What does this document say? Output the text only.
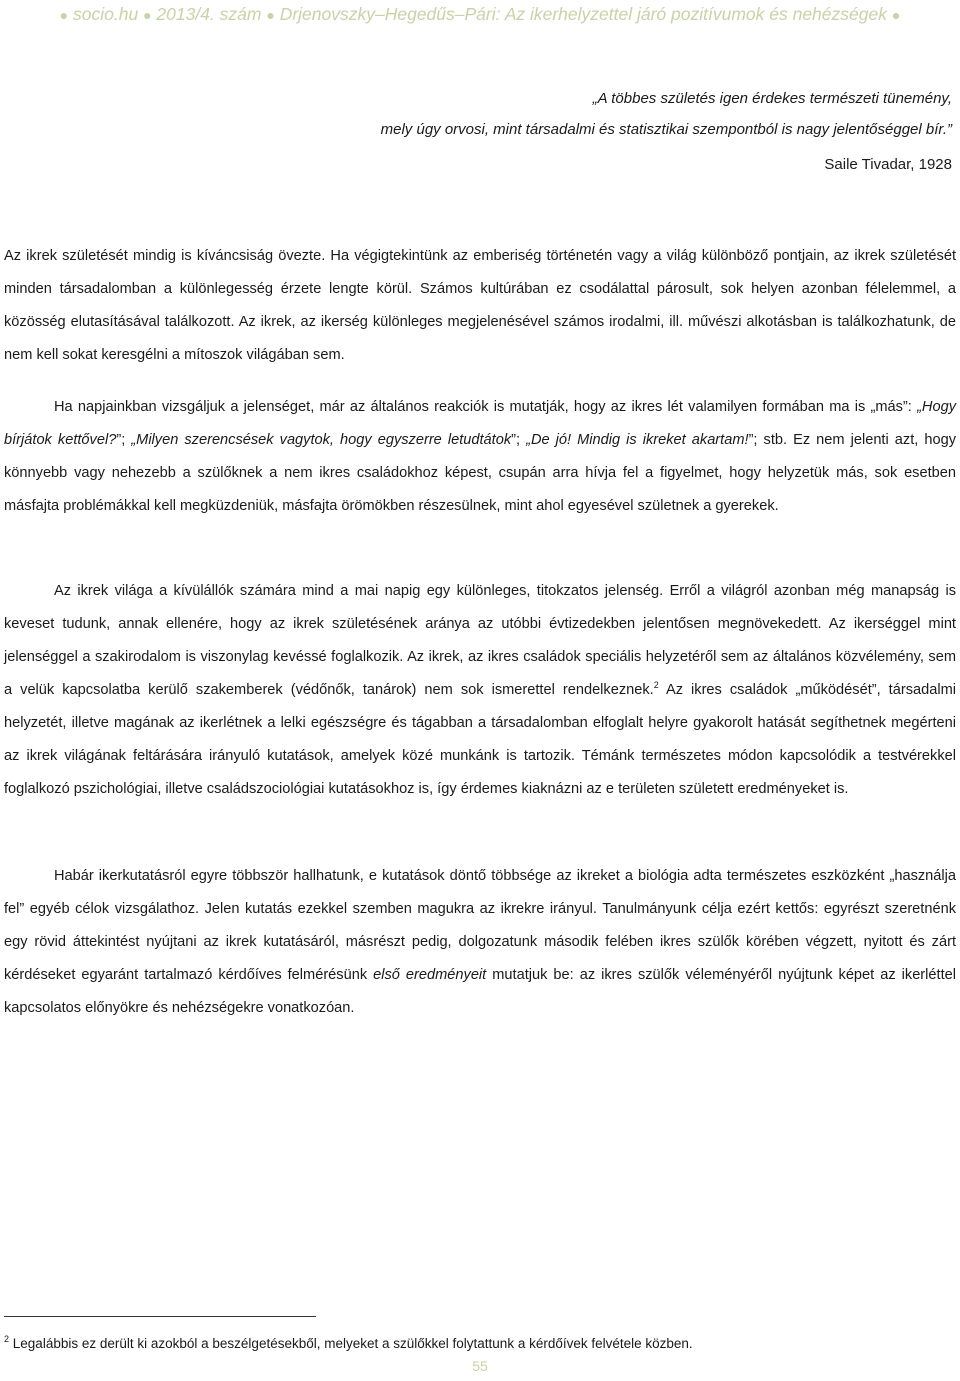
● socio.hu ● 2013/4. szám ● Drjenovszky–Hegedűs–Pári: Az ikerhelyzettel járó pozitívumok és nehézségek ●
„A többes születés igen érdekes természeti tünemény,
mely úgy orvosi, mint társadalmi és statisztikai szempontból is nagy jelentőséggel bír.”
Saile Tivadar, 1928

Az ikrek születését mindig is kíváncsiság övezte. Ha végigtekintünk az emberiség történetén vagy a világ különböző pontjain, az ikrek születését minden társadalomban a különlegesség érzete lengte körül. Számos kultúrában ez csodálattal párosult, sok helyen azonban félelemmel, a közösség elutasításával találkozott. Az ikrek, az ikerség különleges megjelenésével számos irodalmi, ill. művészi alkotásban is találkozhatunk, de nem kell sokat keresgélni a mítoszok világában sem.

Ha napjainkban vizsgáljuk a jelenséget, már az általános reakciók is mutatják, hogy az ikres lét valamilyen formában ma is „más”: „Hogy bírjátok kettővel?”; „Milyen szerencsések vagytok, hogy egyszerre letudtátok”; „De jó! Mindig is ikreket akartam!”; stb. Ez nem jelenti azt, hogy könnyebb vagy nehezebb a szülőknek a nem ikres családokhoz képest, csupán arra hívja fel a figyelmet, hogy helyzetük más, sok esetben másfajta problémákkal kell megküzdeniük, másfajta örömökben részesülnek, mint ahol egyesével születnek a gyerekek.

Az ikrek világa a kívülállók számára mind a mai napig egy különleges, titokzatos jelenség. Erről a világról azonban még manapság is keveset tudunk, annak ellenére, hogy az ikrek születésének aránya az utóbbi évtizedekben jelentősen megnövekedett. Az ikerséggel mint jelenséggel a szakirodalom is viszonylag kevéssé foglalkozik. Az ikrek, az ikres családok speciális helyzetéről sem az általános közvélemény, sem a velük kapcsolatba kerülő szakemberek (védőnők, tanárok) nem sok ismerettel rendelkeznek.$^2$ Az ikres családok „működését”, társadalmi helyzetét, illetve magának az ikerlétnek a lelki egészségre és tágabban a társadalomban elfoglalt helyre gyakorolt hatását segíthetnek megérteni az ikrek világának feltárására irányuló kutatások, amelyek közé munkánk is tartozik. Témánk természetes módon kapcsolódik a testvérekkel foglalkozó pszichológiai, illetve családszociológiai kutatásokhoz is, így érdemes kiaknázni az e területen született eredményeket is.

Habár ikerkutatásról egyre többször hallhatunk, e kutatások döntő többsége az ikreket a biológia adta természetes eszközként „használja fel” egyéb célok vizsgálathoz. Jelen kutatás ezekkel szemben magukra az ikrekre irányul. Tanulmányunk célja ezért kettős: egyrészt szeretnénk egy rövid áttekintést nyújtani az ikrek kutatásáról, másrészt pedig, dolgozatunk második felében ikres szülők körében végzett, nyitott és zárt kérdéseket egyaránt tartalmazó kérdőíves felmérésünk első eredményeit mutatjuk be: az ikres szülők véleményéről nyújtunk képet az ikerléttel kapcsolatos előnyökre és nehézségekre vonatkozóan.

$^2$ Legalábbis ez derült ki azokból a beszélgetésekből, melyeket a szülőkkel folytattunk a kérdőívek felvétele közben.
55
